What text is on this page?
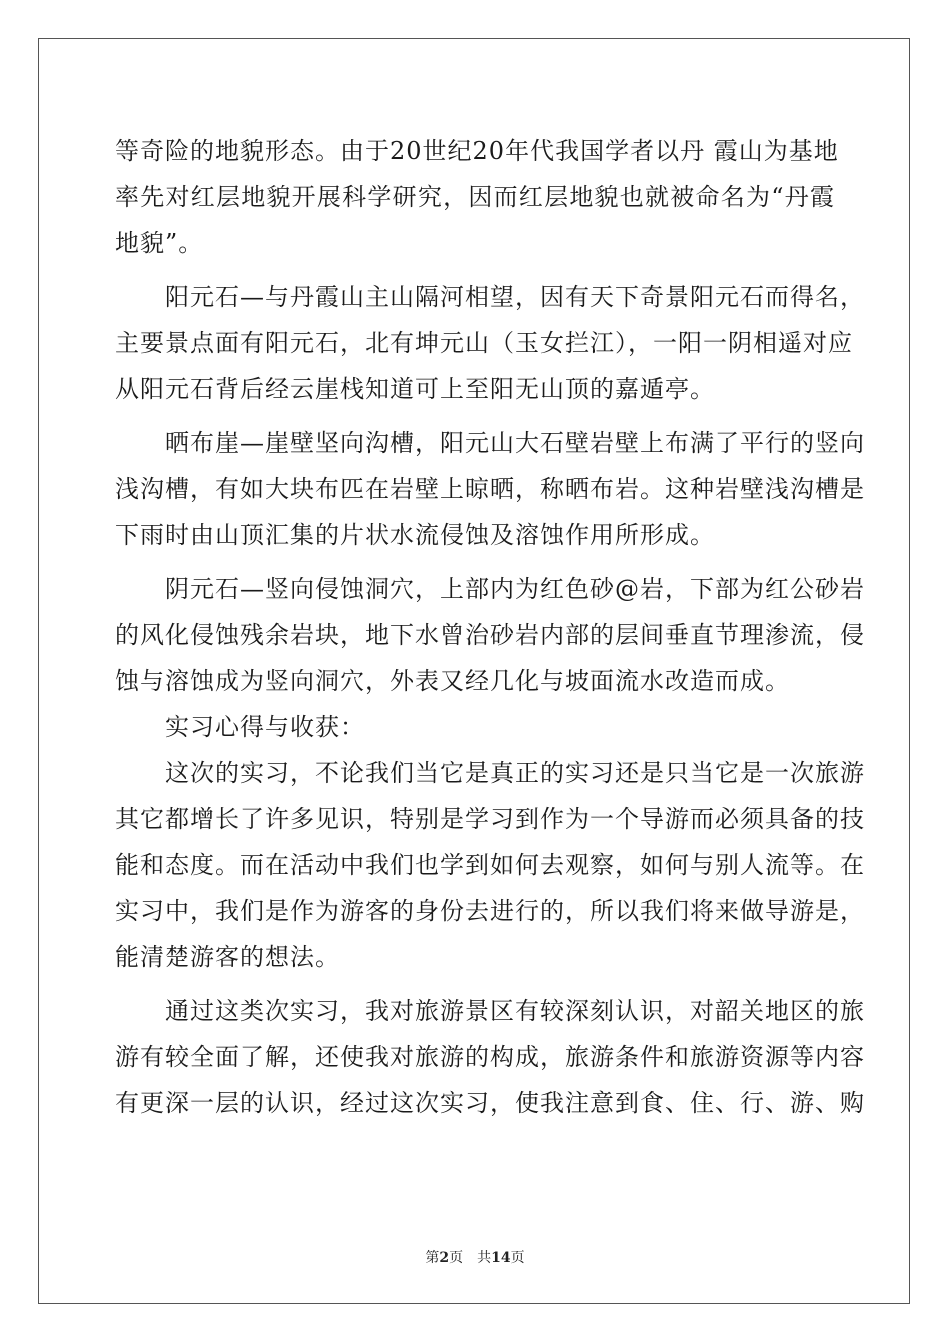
等奇险的地貌形态。由于20世纪20年代我国学者以丹 霞山为基地
率先对红层地貌开展科学研究，因而红层地貌也就被命名为“丹霞
地貌”。
　　阳元石—与丹霞山主山隔河相望，因有天下奇景阳元石而得名，
主要景点面有阳元石，北有坤元山（玉女拦江），一阳一阴相遥对应
从阳元石背后经云崖栈知道可上至阳无山顶的嘉遁亭。
　　晒布崖—崖壁坚向沟槽，阳元山大石壁岩壁上布满了平行的竖向
浅沟槽，有如大块布匹在岩壁上晾晒，称晒布岩。这种岩壁浅沟槽是
下雨时由山顶汇集的片状水流侵蚀及溶蚀作用所形成。
　　阴元石—竖向侵蚀洞穴，上部内为红色砂@岩，下部为红公砂岩
的风化侵蚀残余岩块，地下水曾治砂岩内部的层间垂直节理渗流，侵
蚀与溶蚀成为竖向洞穴，外表又经几化与坡面流水改造而成。
　　实习心得与收获：
　　这次的实习，不论我们当它是真正的实习还是只当它是一次旅游
其它都增长了许多见识，特别是学习到作为一个导游而必须具备的技
能和态度。而在活动中我们也学到如何去观察，如何与别人流等。在
实习中，我们是作为游客的身份去进行的，所以我们将来做导游是，
能清楚游客的想法。
　　通过这类次实习，我对旅游景区有较深刻认识，对韶关地区的旅
游有较全面了解，还使我对旅游的构成，旅游条件和旅游资源等内容
有更深一层的认识，经过这次实习，使我注意到食、住、行、游、购
第2页 共14页
